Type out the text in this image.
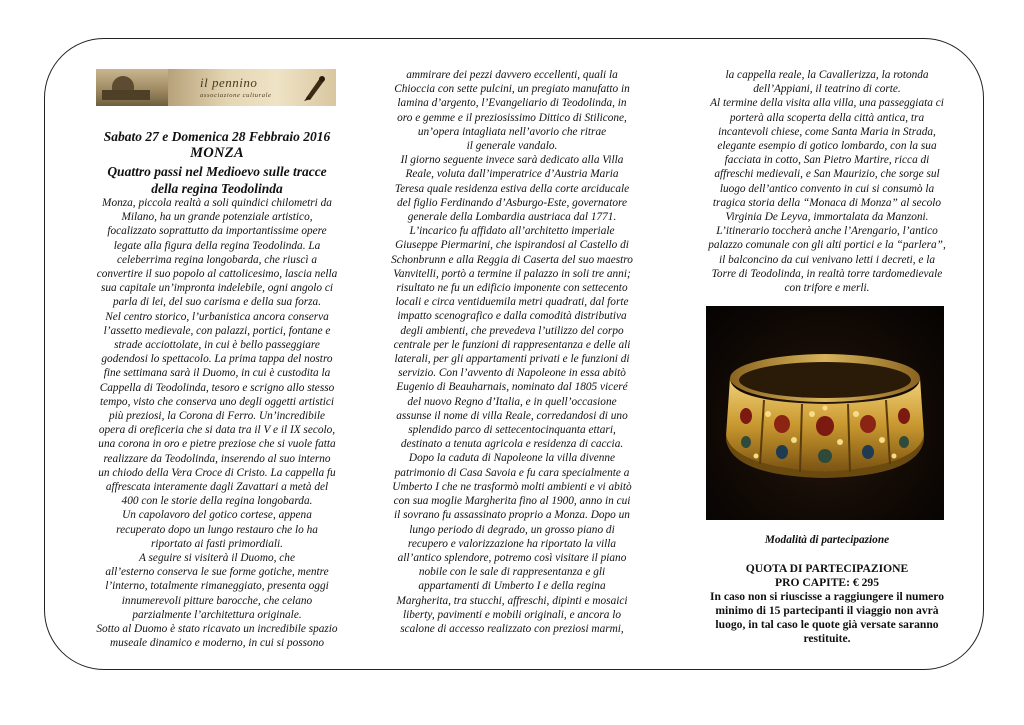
il pennino
associazione culturale
Sabato 27 e Domenica 28 Febbraio 2016
MONZA
Quattro passi nel Medioevo sulle tracce
della regina Teodolinda
Monza, piccola realtà a soli quindici chilometri da
Milano, ha un grande potenziale artistico,
focalizzato soprattutto da importantissime opere
legate alla figura della regina Teodolinda. La
celeberrima regina longobarda, che riuscì a
convertire il suo popolo al cattolicesimo, lascia nella
sua capitale un’impronta indelebile, ogni angolo ci
parla di lei, del suo carisma e della sua forza.
Nel centro storico, l’urbanistica ancora conserva
l’assetto medievale, con palazzi, portici, fontane e
strade acciottolate, in cui è bello passeggiare
godendosi lo spettacolo. La prima tappa del nostro
fine settimana sarà il Duomo, in cui è custodita la
Cappella di Teodolinda, tesoro e scrigno allo stesso
tempo, visto che conserva uno degli oggetti artistici
più preziosi, la Corona di Ferro. Un’incredibile
opera di oreficeria che si data tra il V e il IX secolo,
una corona in oro e pietre preziose che si vuole fatta
realizzare da Teodolinda, inserendo al suo interno
un chiodo della Vera Croce di Cristo. La cappella fu
affrescata interamente dagli Zavattari a metà del
400 con le storie della regina longobarda.
Un capolavoro del gotico cortese, appena
recuperato dopo un lungo restauro che lo ha
riportato ai fasti primordiali.
A seguire si visiterà il Duomo, che
all’esterno conserva le sue forme gotiche, mentre
l’interno, totalmente rimaneggiato, presenta oggi
innumerevoli pitture barocche, che celano
parzialmente l’architettura originale.
Sotto al Duomo è stato ricavato un incredibile spazio
museale dinamico e moderno, in cui si possono
ammirare dei pezzi davvero eccellenti, quali la
Chioccia con sette pulcini, un pregiato manufatto in
lamina d’argento, l’Evangeliario di Teodolinda, in
oro e gemme e il preziosissimo Dittico di Stilicone,
un’opera intagliata nell’avorio che ritrae
il generale vandalo.
Il giorno seguente invece sarà dedicato alla Villa
Reale, voluta dall’imperatrice d’Austria Maria
Teresa quale residenza estiva della corte arciducale
del figlio Ferdinando d’Asburgo-Este, governatore
generale della Lombardia austriaca dal 1771.
L’incarico fu affidato all’architetto imperiale
Giuseppe Piermarini, che ispirandosi al Castello di
Schonbrunn e alla Reggia di Caserta del suo maestro
Vanvitelli, portò a termine il palazzo in soli tre anni;
risultato ne fu un edificio imponente con settecento
locali e circa ventiduemila metri quadrati, dal forte
impatto scenografico e dalla comodità distributiva
degli ambienti, che prevedeva l’utilizzo del corpo
centrale per le funzioni di rappresentanza e delle ali
laterali, per gli appartamenti privati e le funzioni di
servizio. Con l’avvento di Napoleone in essa abitò
Eugenio di Beauharnais, nominato dal 1805 viceré
del nuovo Regno d’Italia, e in quell’occasione
assunse il nome di villa Reale, corredandosi di uno
splendido parco di settecentocinquanta ettari,
destinato a tenuta agricola e residenza di caccia.
Dopo la caduta di Napoleone la villa divenne
patrimonio di Casa Savoia e fu cara specialmente a
Umberto I che ne trasformò molti ambienti e vi abitò
con sua moglie Margherita fino al 1900, anno in cui
il sovrano fu assassinato proprio a Monza. Dopo un
lungo periodo di degrado, un grosso piano di
recupero e valorizzazione ha riportato la villa
all’antico splendore, potremo così visitare il piano
nobile con le sale di rappresentanza e gli
appartamenti di Umberto I e della regina
Margherita, tra stucchi, affreschi, dipinti e mosaici
liberty, pavimenti e mobili originali, e ancora lo
scalone di accesso realizzato con preziosi marmi,
la cappella reale, la Cavallerizza, la rotonda
dell’Appiani, il teatrino di corte.
Al termine della visita alla villa, una passeggiata ci
porterà alla scoperta della città antica, tra
incantevoli chiese, come Santa Maria in Strada,
elegante esempio di gotico lombardo, con la sua
facciata in cotto, San Pietro Martire, ricca di
affreschi medievali, e San Maurizio, che sorge sul
luogo dell’antico convento in cui si consumò la
tragica storia della “Monaca di Monza” al secolo
Virginia De Leyva, immortalata da Manzoni.
L’itinerario toccherà anche l’Arengario, l’antico
palazzo comunale con gli alti portici e la “parlera”,
il balconcino da cui venivano letti i decreti, e la
Torre di Teodolinda, in realtà torre tardomedievale
con trifore e merli.
Modalità di partecipazione
QUOTA DI PARTECIPAZIONE
PRO CAPITE: € 295
In caso non si riuscisse a raggiungere il numero
minimo di 15 partecipanti il viaggio non avrà
luogo, in tal caso le quote già versate saranno
restituite.
